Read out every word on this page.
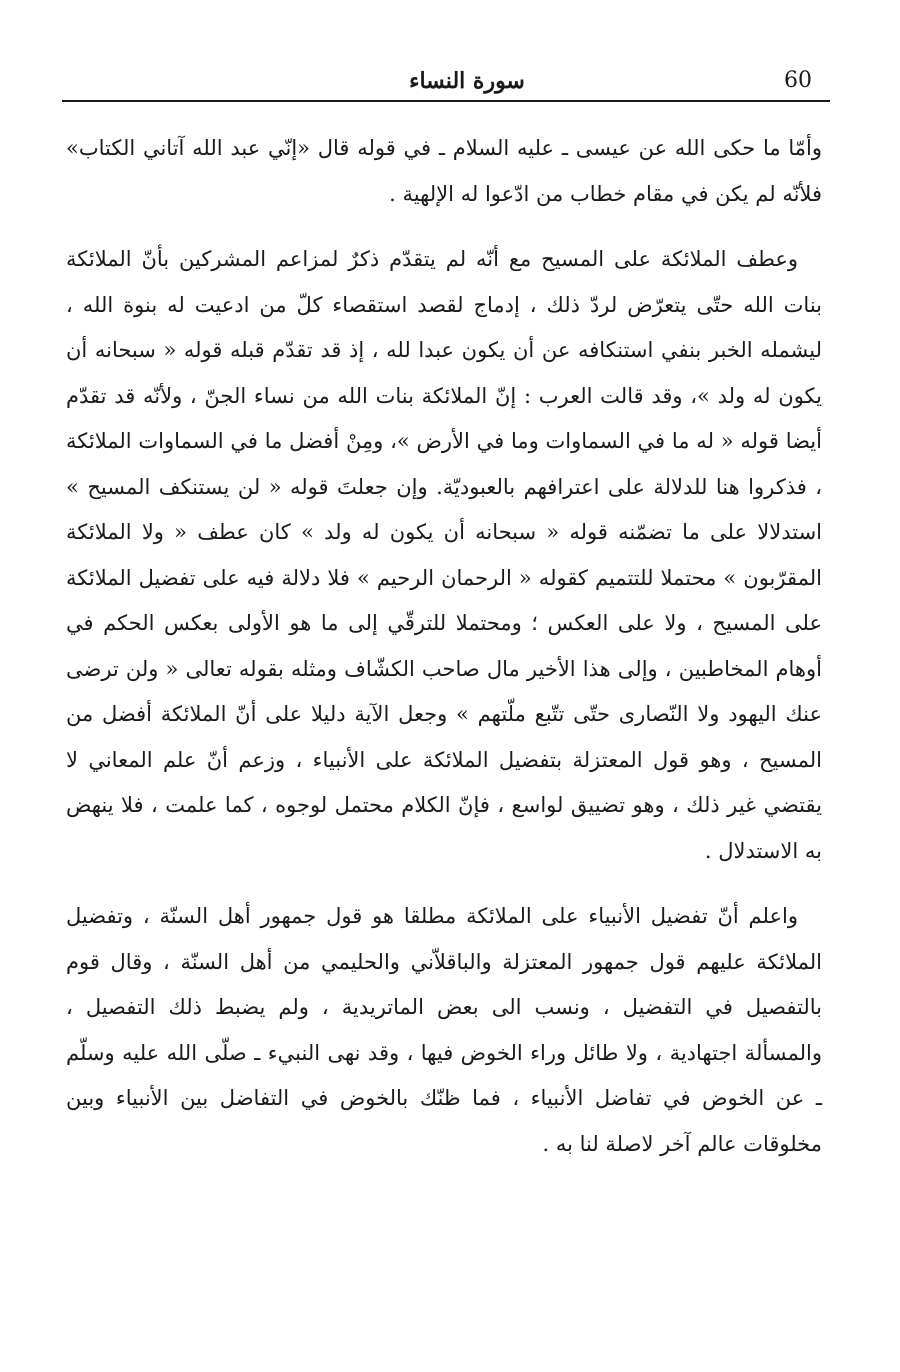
60
سورة النساء

وأمّا ما حكى الله عن عيسى ـ عليه السلام ـ في قوله قال «إنّي عبد الله آتاني الكتاب» فلأنّه لم يكن في مقام خطاب من ادّعوا له الإلهية .

وعطف الملائكة على المسيح مع أنّه لم يتقدّم ذكرٌ لمزاعم المشركين بأنّ الملائكة بنات الله حتّى يتعرّض لردّ ذلك ، إدماج لقصد استقصاء كلّ من ادعيت له بنوة الله ، ليشمله الخبر بنفي استنكافه عن أن يكون عبدا لله ، إذ قد تقدّم قبله قوله « سبحانه أن يكون له ولد »، وقد قالت العرب : إنّ الملائكة بنات الله من نساء الجنّ ، ولأنّه قد تقدّم أيضا قوله « له ما في السماوات وما في الأرض »، ومِنْ أفضل ما في السماوات الملائكة ، فذكروا هنا للدلالة على اعترافهم بالعبوديّة. وإن جعلتَ قوله « لن يستنكف المسيح » استدلالا على ما تضمّنه قوله « سبحانه أن يكون له ولد » كان عطف « ولا الملائكة المقرّبون » محتملا للتتميم كقوله « الرحمان الرحيم » فلا دلالة فيه على تفضيل الملائكة على المسيح ، ولا على العكس ؛ ومحتملا للترقّي إلى ما هو الأولى بعكس الحكم في أوهام المخاطبين ، وإلى هذا الأخير مال صاحب الكشّاف ومثله بقوله تعالى « ولن ترضى عنك اليهود ولا النّصارى حتّى تتّبع ملّتهم » وجعل الآية دليلا على أنّ الملائكة أفضل من المسيح ، وهو قول المعتزلة بتفضيل الملائكة على الأنبياء ، وزعم أنّ علم المعاني لا يقتضي غير ذلك ، وهو تضييق لواسع ، فإنّ الكلام محتمل لوجوه ، كما علمت ، فلا ينهض به الاستدلال .

واعلم أنّ تفضيل الأنبياء على الملائكة مطلقا هو قول جمهور أهل السنّة ، وتفضيل الملائكة عليهم قول جمهور المعتزلة والباقلاّني والحليمي من أهل السنّة ، وقال قوم بالتفصيل في التفضيل ، ونسب الى بعض الماتريدية ، ولم يضبط ذلك التفصيل ، والمسألة اجتهادية ، ولا طائل وراء الخوض فيها ، وقد نهى النبيء ـ صلّى الله عليه وسلّم ـ عن الخوض في تفاضل الأنبياء ، فما ظنّك بالخوض في التفاضل بين الأنبياء وبين مخلوقات عالم آخر لاصلة لنا به .
